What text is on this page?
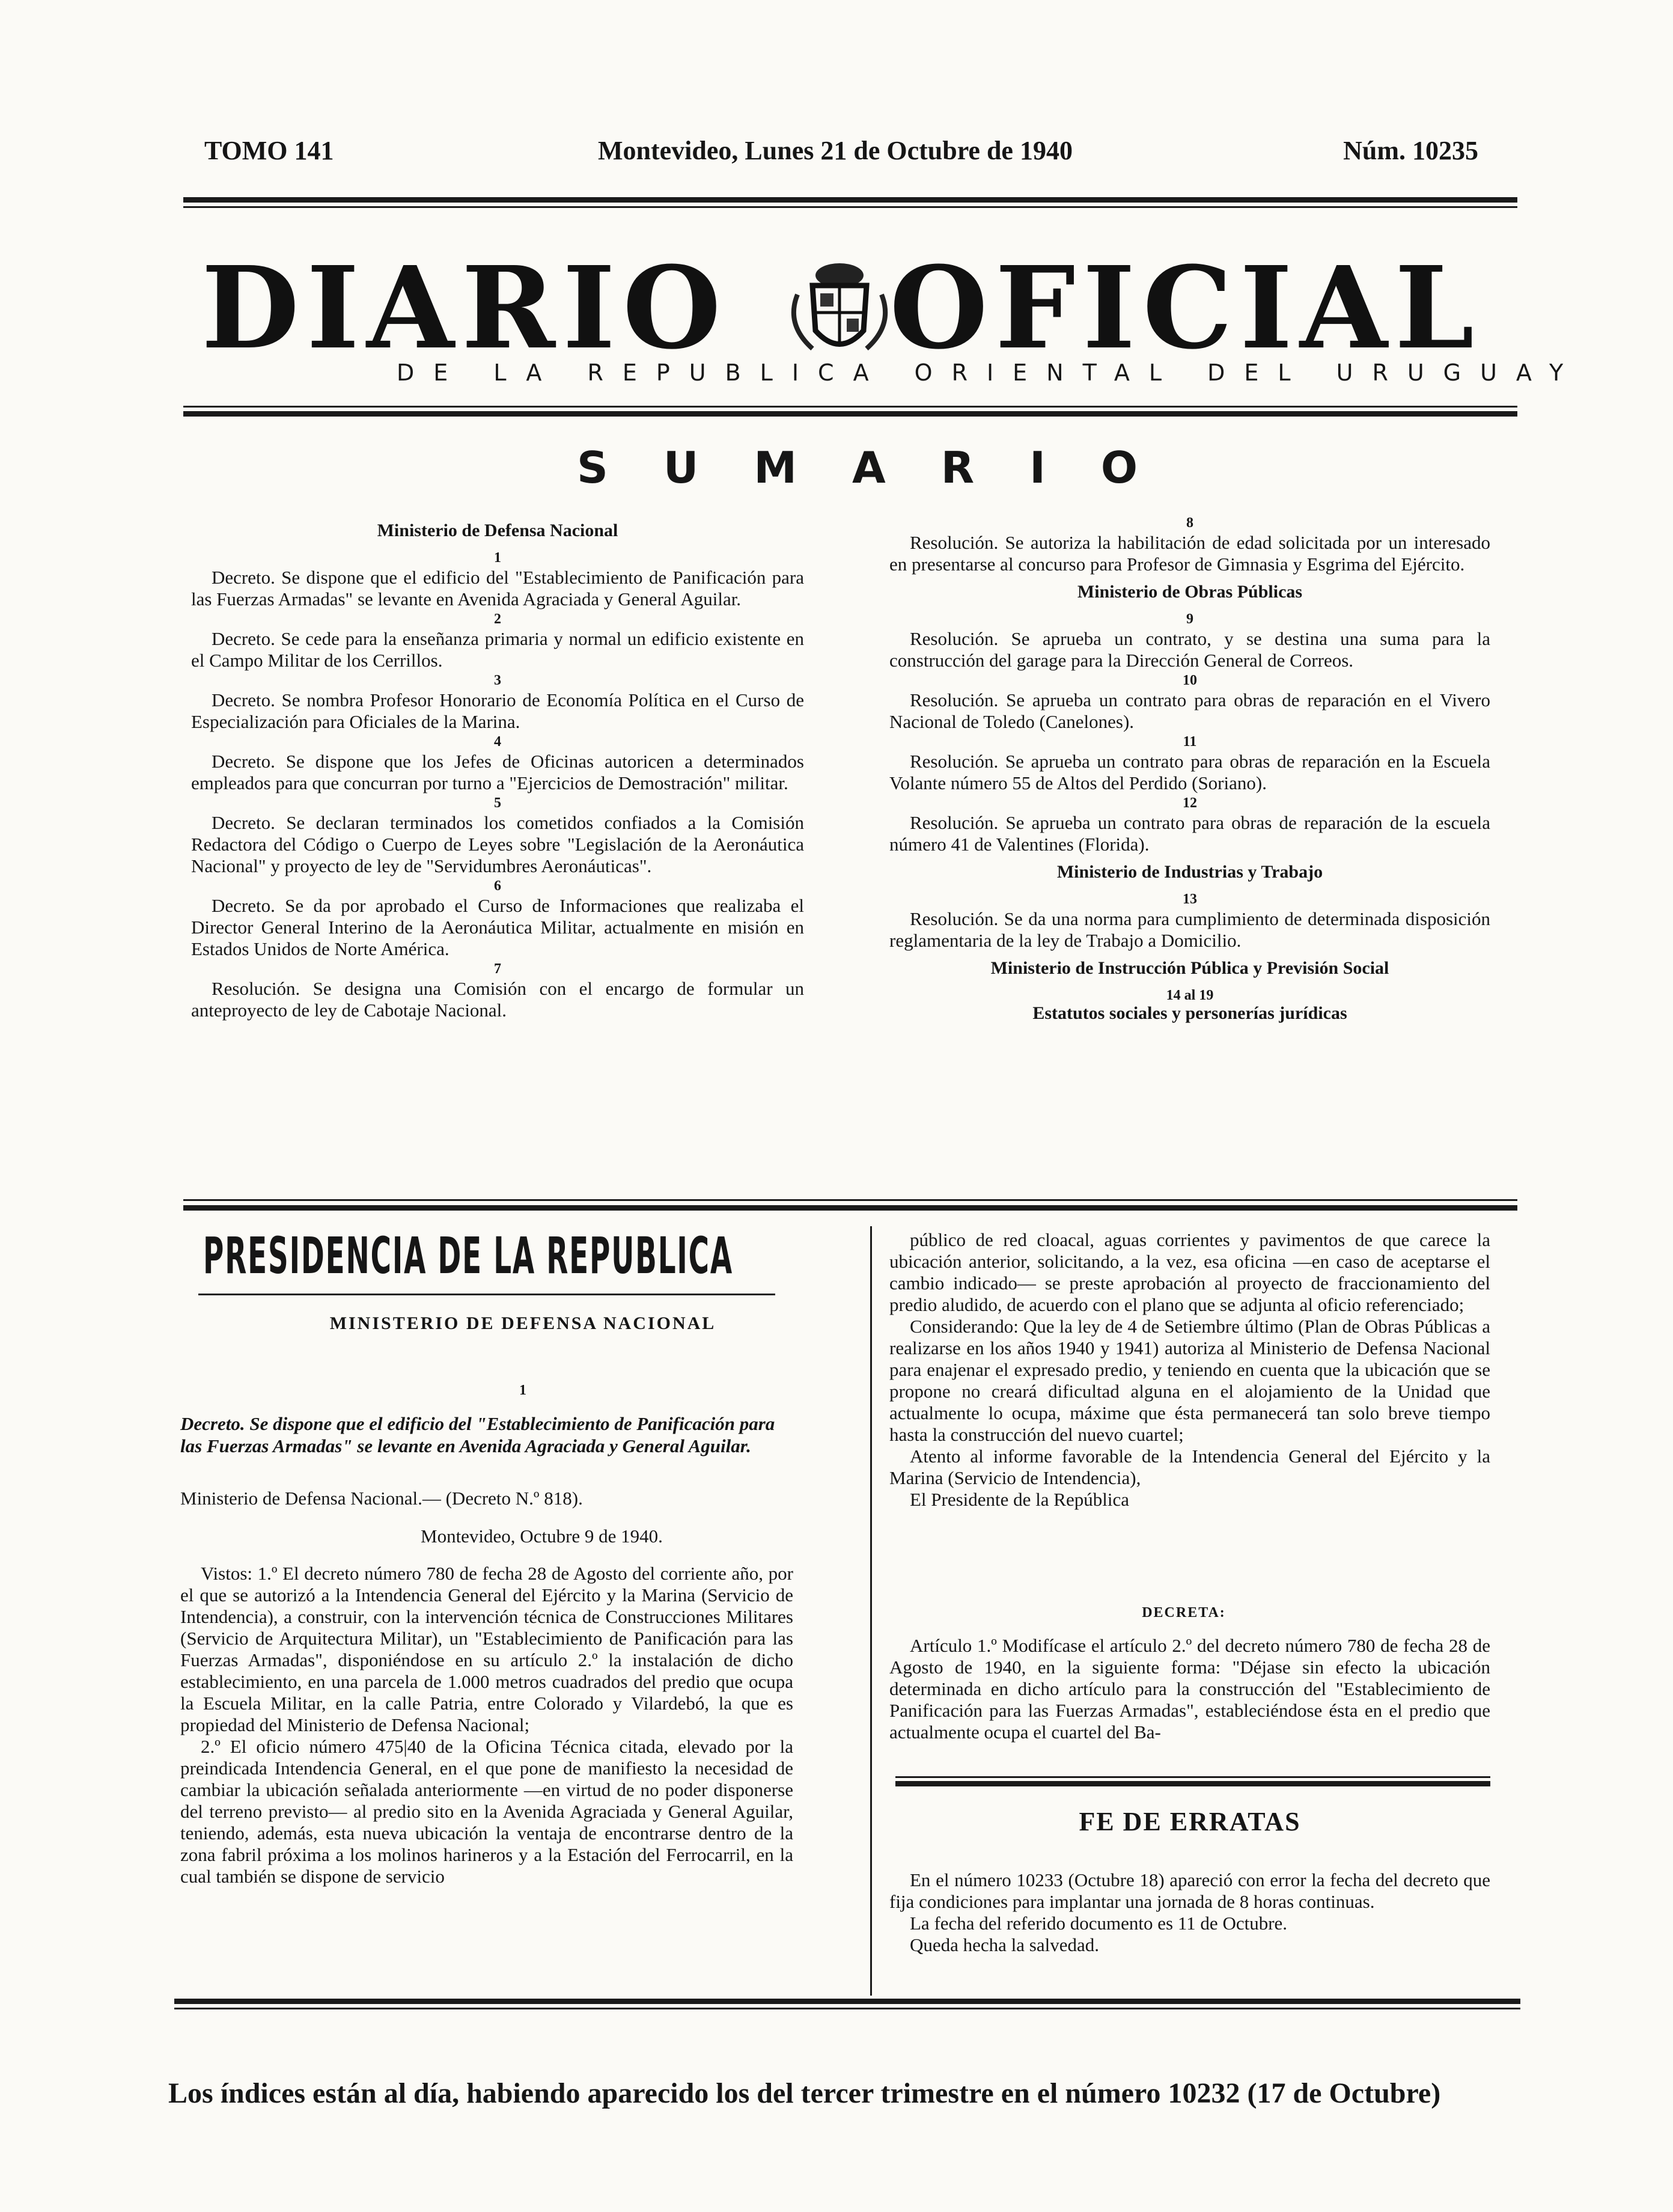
TOMO 141	Montevideo, Lunes 21 de Octubre de 1940	Núm. 10235
DIARIO OFICIAL
DE LA REPUBLICA ORIENTAL DEL URUGUAY
SUMARIO

Ministerio de Defensa Nacional

1

Decreto. Se dispone que el edificio del "Establecimiento de Panificación para las Fuerzas Armadas" se levante en Avenida Agraciada y General Aguilar.

2

Decreto. Se cede para la enseñanza primaria y normal un edificio existente en el Campo Militar de los Cerrillos.

3

Decreto. Se nombra Profesor Honorario de Economía Política en el Curso de Especialización para Oficiales de la Marina.

4

Decreto. Se dispone que los Jefes de Oficinas autoricen a determinados empleados para que concurran por turno a "Ejercicios de Demostración" militar.

5

Decreto. Se declaran terminados los cometidos confiados a la Comisión Redactora del Código o Cuerpo de Leyes sobre "Legislación de la Aeronáutica Nacional" y proyecto de ley de "Servidumbres Aeronáuticas".

6

Decreto. Se da por aprobado el Curso de Informaciones que realizaba el Director General Interino de la Aeronáutica Militar, actualmente en misión en Estados Unidos de Norte América.

7

Resolución. Se designa una Comisión con el encargo de formular un anteproyecto de ley de Cabotaje Nacional.

8

Resolución. Se autoriza la habilitación de edad solicitada por un interesado en presentarse al concurso para Profesor de Gimnasia y Esgrima del Ejército.

Ministerio de Obras Públicas

9

Resolución. Se aprueba un contrato, y se destina una suma para la construcción del garage para la Dirección General de Correos.

10

Resolución. Se aprueba un contrato para obras de reparación en el Vivero Nacional de Toledo (Canelones).

11

Resolución. Se aprueba un contrato para obras de reparación en la Escuela Volante número 55 de Altos del Perdido (Soriano).

12

Resolución. Se aprueba un contrato para obras de reparación de la escuela número 41 de Valentines (Florida).

Ministerio de Industrias y Trabajo

13

Resolución. Se da una norma para cumplimiento de determinada disposición reglamentaria de la ley de Trabajo a Domicilio.

Ministerio de Instrucción Pública y Previsión Social

14 al 19

Estatutos sociales y personerías jurídicas

PRESIDENCIA DE LA REPUBLICA
MINISTERIO DE DEFENSA NACIONAL
1
Decreto. Se dispone que el edificio del "Establecimiento de Panificación para las Fuerzas Armadas" se levante en Avenida Agraciada y General Aguilar.
Ministerio de Defensa Nacional.— (Decreto N.º 818).
Montevideo, Octubre 9 de 1940.

Vistos: 1.º El decreto número 780 de fecha 28 de Agosto del corriente año, por el que se autorizó a la Intendencia General del Ejército y la Marina (Servicio de Intendencia), a construir, con la intervención técnica de Construcciones Militares (Servicio de Arquitectura Militar), un "Establecimiento de Panificación para las Fuerzas Armadas", disponiéndose en su artículo 2.º la instalación de dicho establecimiento, en una parcela de 1.000 metros cuadrados del predio que ocupa la Escuela Militar, en la calle Patria, entre Colorado y Vilardebó, la que es propiedad del Ministerio de Defensa Nacional;

2.º El oficio número 475|40 de la Oficina Técnica citada, elevado por la preindicada Intendencia General, en el que pone de manifiesto la necesidad de cambiar la ubicación señalada anteriormente —en virtud de no poder disponerse del terreno previsto— al predio sito en la Avenida Agraciada y General Aguilar, teniendo, además, esta nueva ubicación la ventaja de encontrarse dentro de la zona fabril próxima a los molinos harineros y a la Estación del Ferrocarril, en la cual también se dispone de servicio

público de red cloacal, aguas corrientes y pavimentos de que carece la ubicación anterior, solicitando, a la vez, esa oficina —en caso de aceptarse el cambio indicado— se preste aprobación al proyecto de fraccionamiento del predio aludido, de acuerdo con el plano que se adjunta al oficio referenciado;

Considerando: Que la ley de 4 de Setiembre último (Plan de Obras Públicas a realizarse en los años 1940 y 1941) autoriza al Ministerio de Defensa Nacional para enajenar el expresado predio, y teniendo en cuenta que la ubicación que se propone no creará dificultad alguna en el alojamiento de la Unidad que actualmente lo ocupa, máxime que ésta permanecerá tan solo breve tiempo hasta la construcción del nuevo cuartel;

Atento al informe favorable de la Intendencia General del Ejército y la Marina (Servicio de Intendencia),

El Presidente de la República

DECRETA:

Artículo 1.º Modifícase el artículo 2.º del decreto número 780 de fecha 28 de Agosto de 1940, en la siguiente forma: "Déjase sin efecto la ubicación determinada en dicho artículo para la construcción del "Establecimiento de Panificación para las Fuerzas Armadas", estableciéndose ésta en el predio que actualmente ocupa el cuartel del Ba-

FE DE ERRATAS

En el número 10233 (Octubre 18) apareció con error la fecha del decreto que fija condiciones para implantar una jornada de 8 horas continuas.

La fecha del referido documento es 11 de Octubre.

Queda hecha la salvedad.

Los índices están al día, habiendo aparecido los del tercer trimestre en el número 10232 (17 de Octubre)
